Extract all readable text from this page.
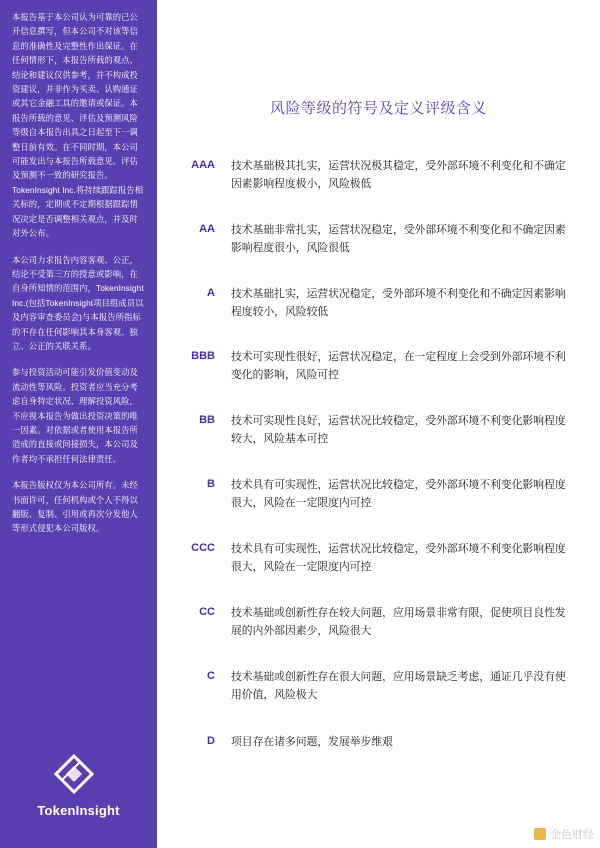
本报告基于本公司认为可靠的已公开信息撰写，但本公司不对该等信息的准确性及完整性作出保证。在任何情形下，本报告所载的观点、结论和建议仅供参考，并不构成投资建议，并非作为买卖、认购通证或其它金融工具的邀请或保证。本报告所载的意见、评估及预测风险等级自本报告出具之日起至下一调整日前有效。在不同时期，本公司可能发出与本报告所载意见、评估及预测不一致的研究报告。TokenInsight Inc.将持续跟踪报告相关标的，定期或不定期根据跟踪情况决定是否调整相关观点，并及时对外公布。

本公司力求报告内容客观、公正，结论不受第三方的授意或影响，在自身所知情的范围内，TokenInsight Inc.(包括TokenInsight项目组成员以及内容审查委员会)与本报告所指标的不存在任何影响其本身客观、独立、公正的关联关系。

参与投资活动可能引发价值变动及流动性等风险。投资者应当充分考虑自身特定状况、理解投资风险，不应视本报告为做出投资决策的唯一因素。对依据或者使用本报告所造成的直接或间接损失，本公司及作者均不承担任何法律责任。

本报告版权仅为本公司所有。未经书面许可，任何机构或个人不得以翻版、复制、引用或再次分发他人等形式侵犯本公司版权。

TokenInsight
风险等级的符号及定义评级含义
AAA 技术基础极其扎实，运营状况极其稳定，受外部环境不利变化和不确定因素影响程度极小，风险极低
AA 技术基础非常扎实，运营状况稳定，受外部环境不利变化和不确定因素影响程度很小，风险很低
A 技术基础扎实，运营状况稳定，受外部环境不利变化和不确定因素影响程度较小，风险较低
BBB 技术可实现性很好，运营状况稳定，在一定程度上会受到外部环境不利变化的影响，风险可控
BB 技术可实现性良好，运营状况比较稳定，受外部环境不利变化影响程度较大，风险基本可控
B 技术具有可实现性，运营状况比较稳定，受外部环境不利变化影响程度很大，风险在一定限度内可控
CCC 技术具有可实现性，运营状况比较稳定，受外部环境不利变化影响程度很大，风险在一定限度内可控
CC 技术基础或创新性存在较大问题，应用场景非常有限，促使项目良性发展的内外部因素少，风险很大
C 技术基础或创新性存在很大问题，应用场景缺乏考虑，通证几乎没有使用价值，风险极大
D 项目存在诸多问题，发展举步维艰
金色财经
